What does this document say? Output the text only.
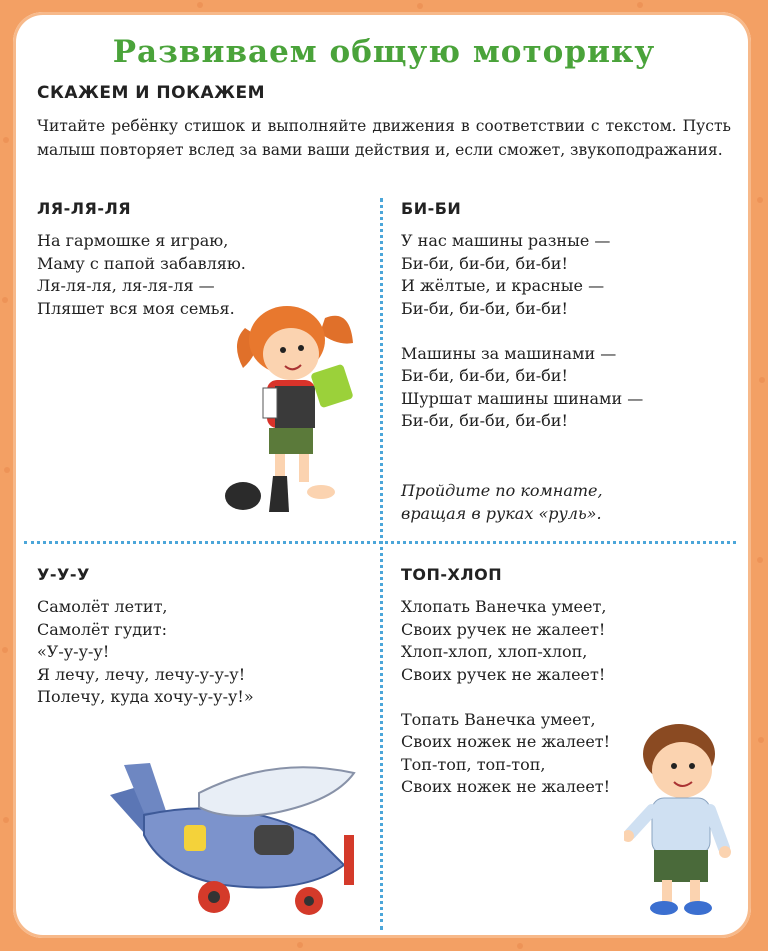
Развиваем общую моторику
СКАЖЕМ И ПОКАЖЕМ
Читайте ребёнку стишок и выполняйте движения в соответствии с текстом. Пусть малыш повторяет вслед за вами ваши действия и, если сможет, звукоподражания.
ЛЯ-ЛЯ-ЛЯ
На гармошке я играю,
Маму с папой забавляю.
Ля-ля-ля, ля-ля-ля —
Пляшет вся моя семья.
БИ-БИ
У нас машины разные —
Би-би, би-би, би-би!
И жёлтые, и красные —
Би-би, би-би, би-би!
Машины за машинами —
Би-би, би-би, би-би!
Шуршат машины шинами —
Би-би, би-би, би-би!
Пройдите по комнате,
вращая в руках «руль».
У-У-У
Самолёт летит,
Самолёт гудит:
«У-у-у-у!
Я лечу, лечу, лечу-у-у-у!
Полечу, куда хочу-у-у-у!»
ТОП-ХЛОП
Хлопать Ванечка умеет,
Своих ручек не жалеет!
Хлоп-хлоп, хлоп-хлоп,
Своих ручек не жалеет!
Топать Ванечка умеет,
Своих ножек не жалеет!
Топ-топ, топ-топ,
Своих ножек не жалеет!
